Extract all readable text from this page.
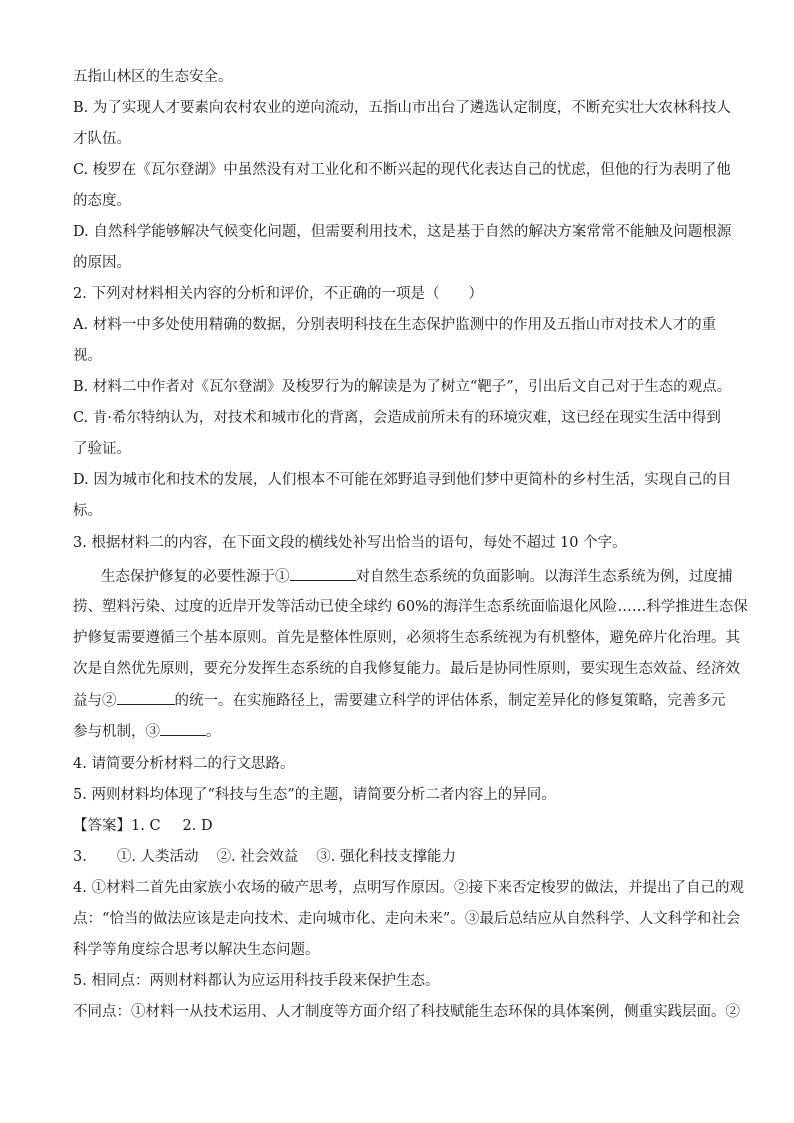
五指山林区的生态安全。
B. 为了实现人才要素向农村农业的逆向流动，五指山市出台了遴选认定制度，不断充实壮大农林科技人
才队伍。
C. 梭罗在《瓦尔登湖》中虽然没有对工业化和不断兴起的现代化表达自己的忧虑，但他的行为表明了他
的态度。
D. 自然科学能够解决气候变化问题，但需要利用技术，这是基于自然的解决方案常常不能触及问题根源
的原因。
2. 下列对材料相关内容的分析和评价，不正确的一项是（　　）
A. 材料一中多处使用精确的数据，分别表明科技在生态保护监测中的作用及五指山市对技术人才的重
视。
B. 材料二中作者对《瓦尔登湖》及梭罗行为的解读是为了树立“靶子”，引出后文自己对于生态的观点。
C. 肯·希尔特纳认为，对技术和城市化的背离，会造成前所未有的环境灾难，这已经在现实生活中得到
了验证。
D. 因为城市化和技术的发展，人们根本不可能在郊野追寻到他们梦中更简朴的乡村生活，实现自己的目
标。
3. 根据材料二的内容，在下面文段的横线处补写出恰当的语句，每处不超过 10 个字。
生态保护修复的必要性源于①	对自然生态系统的负面影响。以海洋生态系统为例，过度捕
捞、塑料污染、过度的近岸开发等活动已使全球约 60%的海洋生态系统面临退化风险……科学推进生态保
护修复需要遵循三个基本原则。首先是整体性原则，必须将生态系统视为有机整体，避免碎片化治理。其
次是自然优先原则，要充分发挥生态系统的自我修复能力。最后是协同性原则，要实现生态效益、经济效
益与②	的统一。在实施路径上，需要建立科学的评估体系，制定差异化的修复策略，完善多元
参与机制，③	。
4. 请简要分析材料二的行文思路。
5. 两则材料均体现了“科技与生态”的主题，请简要分析二者内容上的异同。
【答案】1. C 2. D
3. ①. 人类活动 ②. 社会效益 ③. 强化科技支撑能力
4. ①材料二首先由家族小农场的破产思考，点明写作原因。②接下来否定梭罗的做法，并提出了自己的观
点：“恰当的做法应该是走向技术、走向城市化、走向未来”。③最后总结应从自然科学、人文科学和社会
科学等角度综合思考以解决生态问题。
5. 相同点：两则材料都认为应运用科技手段来保护生态。
不同点：①材料一从技术运用、人才制度等方面介绍了科技赋能生态环保的具体案例，侧重实践层面。②
